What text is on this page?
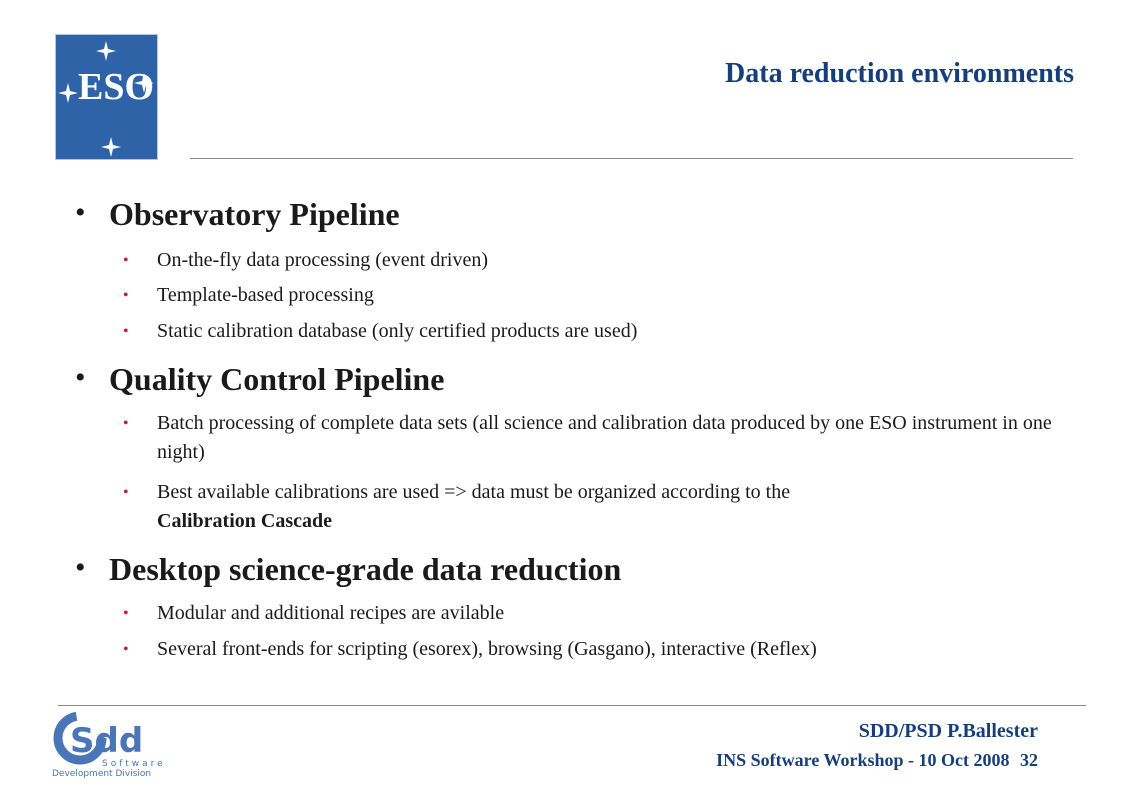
ESO	Data reduction environments
• Observatory Pipeline
• On-the-fly data processing (event driven)
• Template-based processing
• Static calibration database (only certified products are used)
• Quality Control Pipeline
• Batch processing of complete data sets (all science and calibration data produced by one ESO instrument in one night)
• Best available calibrations are used => data must be organized according to the
Calibration Cascade
• Desktop science-grade data reduction
• Modular and additional recipes are avilable
• Several front-ends for scripting (esorex), browsing (Gasgano), interactive (Reflex)
Sdd
Software
Development Division
SDD/PSD P.Ballester
INS Software Workshop - 10 Oct 2008 32
